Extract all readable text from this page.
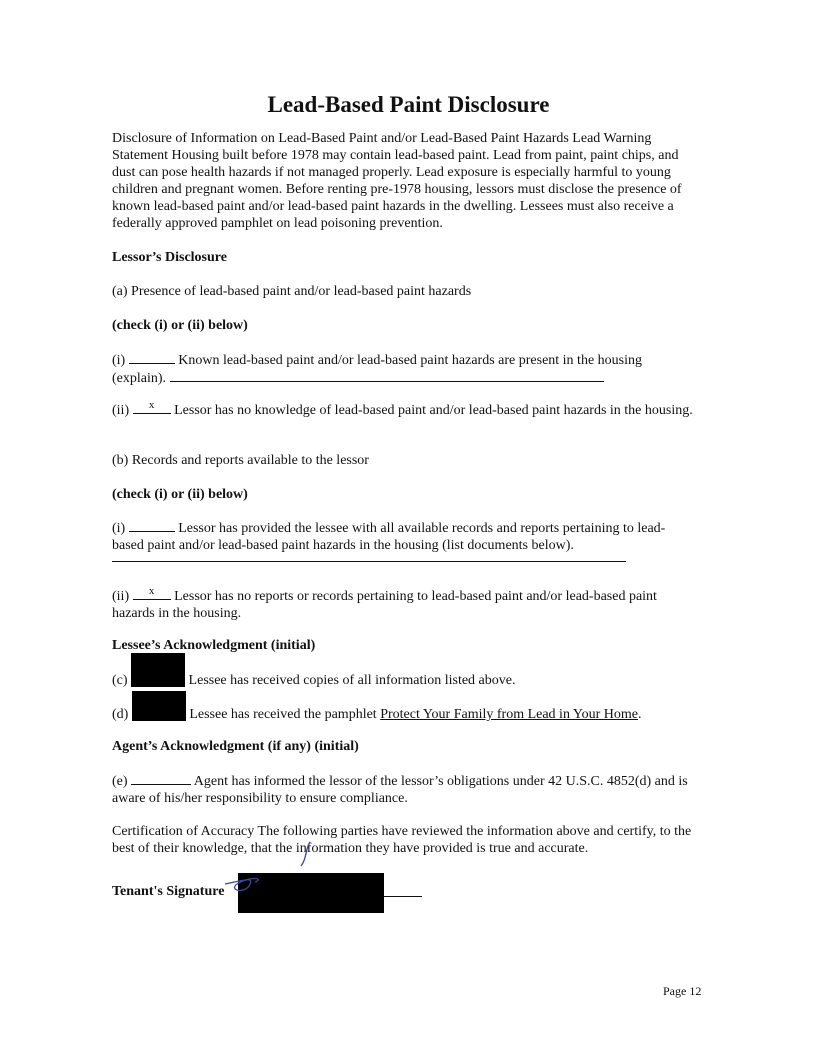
Lead-Based Paint Disclosure

Disclosure of Information on Lead-Based Paint and/or Lead-Based Paint Hazards Lead Warning Statement Housing built before 1978 may contain lead-based paint. Lead from paint, paint chips, and dust can pose health hazards if not managed properly. Lead exposure is especially harmful to young children and pregnant women. Before renting pre-1978 housing, lessors must disclose the presence of known lead-based paint and/or lead-based paint hazards in the dwelling. Lessees must also receive a federally approved pamphlet on lead poisoning prevention.

Lessor’s Disclosure
(a) Presence of lead-based paint and/or lead-based paint hazards
(check (i) or (ii) below)

(i)	Known lead-based paint and/or lead-based paint hazards are present in the housing (explain).

(ii)	x	Lessor has no knowledge of lead-based paint and/or lead-based paint hazards in the housing.

(b) Records and reports available to the lessor
(check (i) or (ii) below)

(i)	Lessor has provided the lessee with all available records and reports pertaining to lead-based paint and/or lead-based paint hazards in the housing (list documents below).

(ii)	x	Lessor has no reports or records pertaining to lead-based paint and/or lead-based paint hazards in the housing.

Lessee’s Acknowledgment (initial)

(c)	Lessee has received copies of all information listed above.

(d)	Lessee has received the pamphlet Protect Your Family from Lead in Your Home.

Agent’s Acknowledgment (if any) (initial)

(e)	Agent has informed the lessor of the lessor’s obligations under 42 U.S.C. 4852(d) and is aware of his/her responsibility to ensure compliance.

Certification of Accuracy The following parties have reviewed the information above and certify, to the best of their knowledge, that the information they have provided is true and accurate.
Tenant's Signature
Page 12
